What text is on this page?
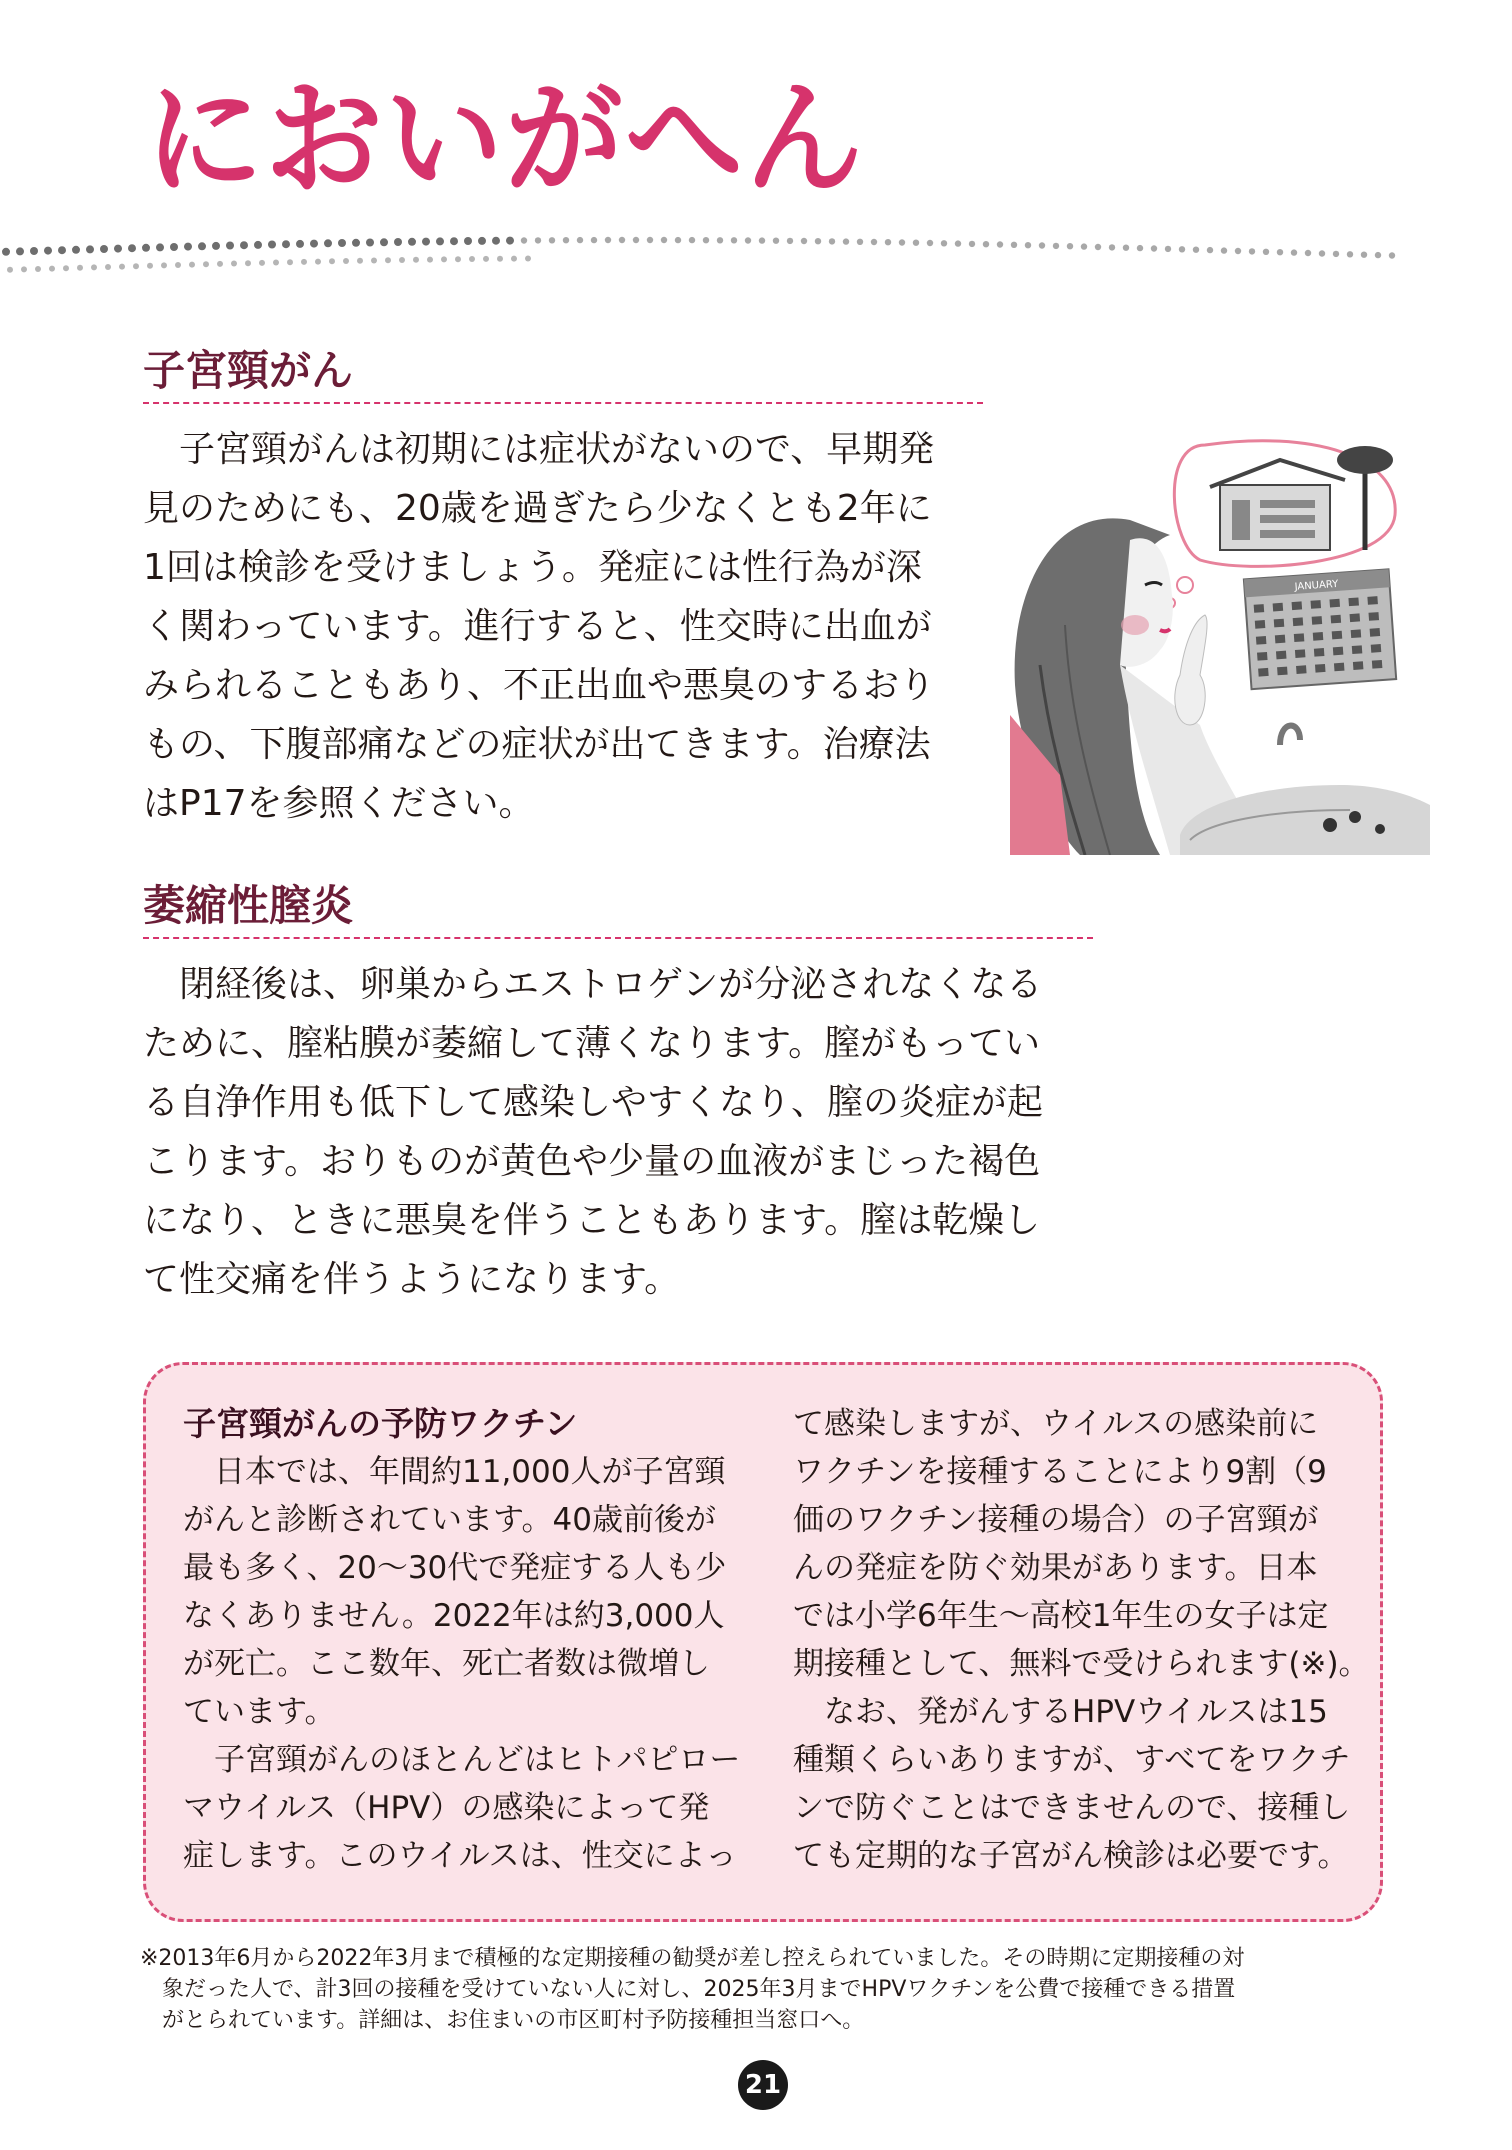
においがへん
子宮頸がん
　子宮頸がんは初期には症状がないので、早期発
見のためにも、20歳を過ぎたら少なくとも2年に
1回は検診を受けましょう。発症には性行為が深
く関わっています。進行すると、性交時に出血が
みられることもあり、不正出血や悪臭のするおり
もの、下腹部痛などの症状が出てきます。治療法
はP17を参照ください。
JANUARY
萎縮性膣炎
　閉経後は、卵巣からエストロゲンが分泌されなくなる
ために、膣粘膜が萎縮して薄くなります。膣がもってい
る自浄作用も低下して感染しやすくなり、膣の炎症が起
こります。おりものが黄色や少量の血液がまじった褐色
になり、ときに悪臭を伴うこともあります。膣は乾燥し
て性交痛を伴うようになります。
子宮頸がんの予防ワクチン
　日本では、年間約11,000人が子宮頸
がんと診断されています。40歳前後が
最も多く、20〜30代で発症する人も少
なくありません。2022年は約3,000人
が死亡。ここ数年、死亡者数は微増し
ています。
　子宮頸がんのほとんどはヒトパピロー
マウイルス（HPV）の感染によって発
症します。このウイルスは、性交によっ
て感染しますが、ウイルスの感染前に
ワクチンを接種することにより9割（9
価のワクチン接種の場合）の子宮頸が
んの発症を防ぐ効果があります。日本
では小学6年生〜高校1年生の女子は定
期接種として、無料で受けられます(※)。
　なお、発がんするHPVウイルスは15
種類くらいありますが、すべてをワクチ
ンで防ぐことはできませんので、接種し
ても定期的な子宮がん検診は必要です。
※2013年6月から2022年3月まで積極的な定期接種の勧奨が差し控えられていました。その時期に定期接種の対
　象だった人で、計3回の接種を受けていない人に対し、2025年3月までHPVワクチンを公費で接種できる措置
　がとられています。詳細は、お住まいの市区町村予防接種担当窓口へ。
21
